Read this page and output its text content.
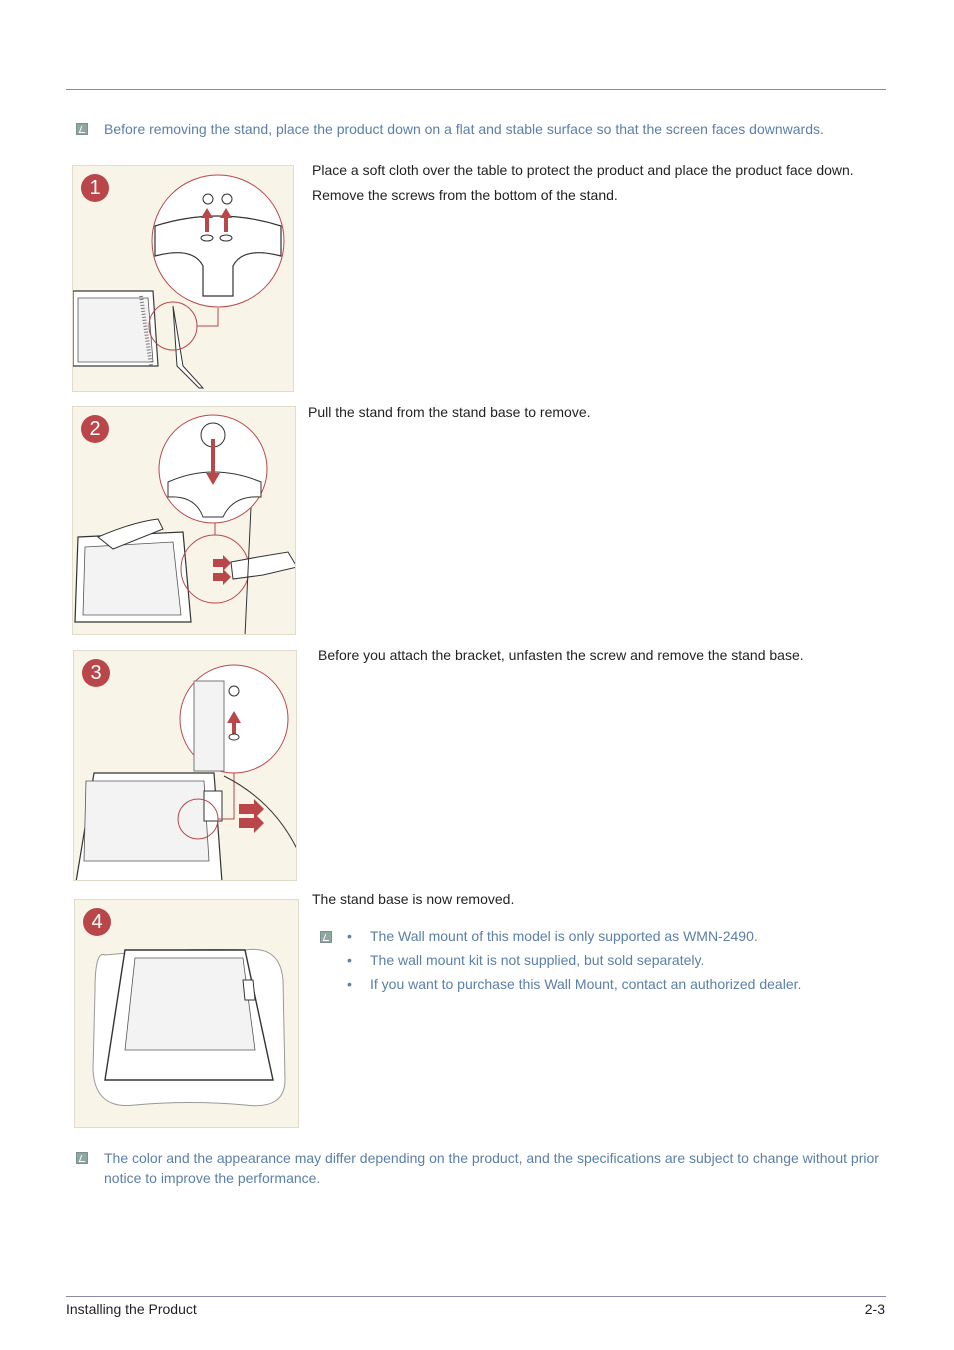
Before removing the stand, place the product down on a flat and stable surface so that the screen faces downwards.
1
Place a soft cloth over the table to protect the product and place the product face down.
Remove the screws from the bottom of the stand.
2
Pull the stand from the stand base to remove.
3
Before you attach the bracket, unfasten the screw and remove the stand base.
4
The stand base is now removed.
• The Wall mount of this model is only supported as WMN-2490.
• The wall mount kit is not supplied, but sold separately.
• If you want to purchase this Wall Mount, contact an authorized dealer.
The color and the appearance may differ depending on the product, and the specifications are subject to change without prior notice to improve the performance.
Installing the Product	2-3
